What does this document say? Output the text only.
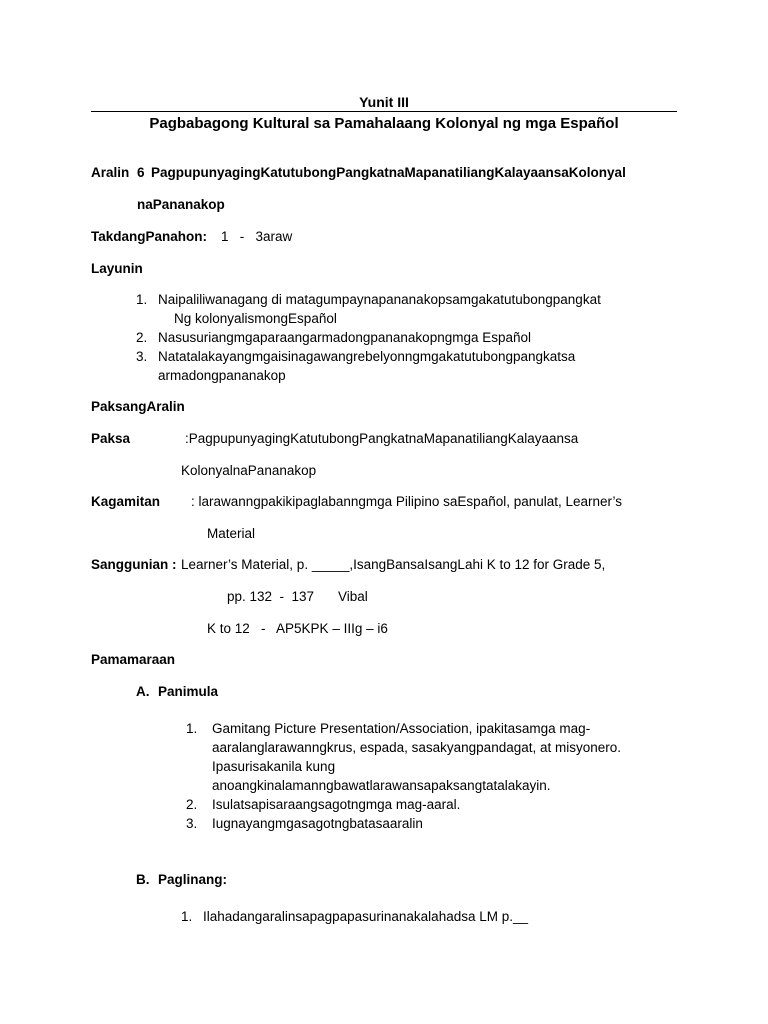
Yunit III
Pagbabagong Kultural sa Pamahalaang Kolonyal ng mga Español
Aralin 6 PagpupunyagingKatutubongPangkatnaMapanatiliangKalayaansaKolonyal
naPananakop
TakdangPanahon: 1   -   3araw
Layunin
1. Naipaliliwanagang di matagumpaynapananakopsamgakatutubongpangkat
Ng kolonyalismongEspañol
2. Nasusuriangmgaparaangarmadongpananakopngmga Español
3. Natatalakayangmgaisinagawangrebelyonngmgakatutubongpangkatsa
armadongpananakop
PaksangAralin
Paksa	:PagpupunyagingKatutubongPangkatnaMapanatiliangKalayaansa
KolonyalnaPananakop
Kagamitan : larawanngpakikipaglabanngmga Pilipino saEspañol, panulat, Learner’s
Material
Sanggunian : Learner’s Material, p. _____,IsangBansaIsangLahi K to 12 for Grade 5,
pp. 132  -  137 Vibal
K to 12   -   AP5KPK – IIIg – i6
Pamamaraan
A. Panimula
1. Gamitang Picture Presentation/Association, ipakitasamga mag-
aaralanglarawanngkrus, espada, sasakyangpandagat, at misyonero.
Ipasurisakanila kung
anoangkinalamanngbawatlarawansapaksangtatalakayin.
2. Isulatsapisaraangsagotngmga mag-aaral.
3. Iugnayangmgasagotngbatasaaralin
B. Paglinang:
1. Ilahadangaralinsapagpapasurinanakalahadsa LM p.__
